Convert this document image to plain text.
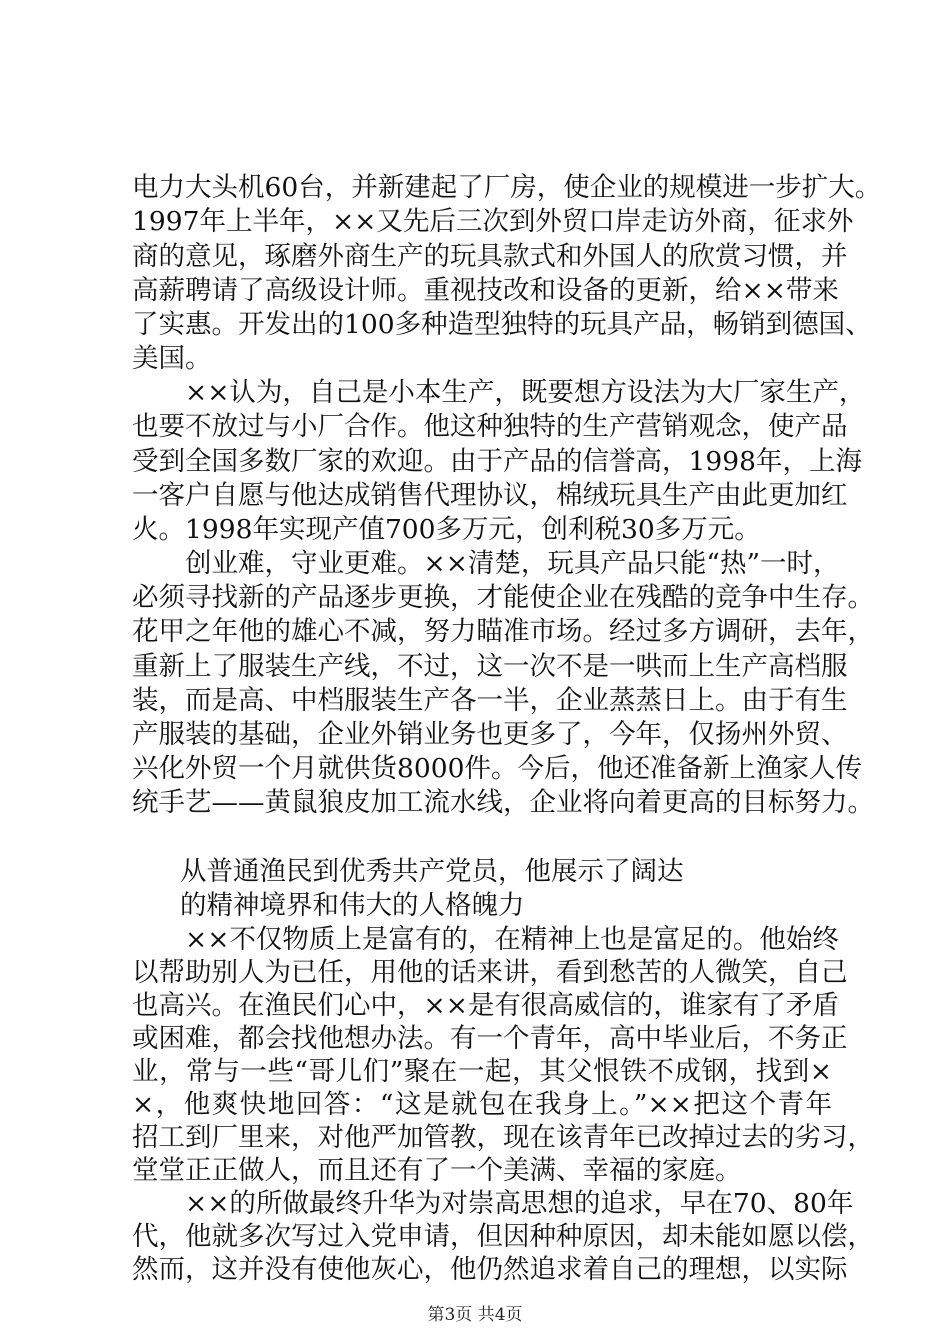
电力大头机60台，并新建起了厂房，使企业的规模进一步扩大。
1997年上半年，××又先后三次到外贸口岸走访外商，征求外
商的意见，琢磨外商生产的玩具款式和外国人的欣赏习惯，并
高薪聘请了高级设计师。重视技改和设备的更新，给××带来
了实惠。开发出的100多种造型独特的玩具产品，畅销到德国、
美国。
　　××认为，自己是小本生产，既要想方设法为大厂家生产，
也要不放过与小厂合作。他这种独特的生产营销观念，使产品
受到全国多数厂家的欢迎。由于产品的信誉高，1998年，上海
一客户自愿与他达成销售代理协议，棉绒玩具生产由此更加红
火。1998年实现产值700多万元，创利税30多万元。
　　创业难，守业更难。××清楚，玩具产品只能“热”一时，
必须寻找新的产品逐步更换，才能使企业在残酷的竞争中生存。
花甲之年他的雄心不减，努力瞄准市场。经过多方调研，去年，
重新上了服装生产线，不过，这一次不是一哄而上生产高档服
装，而是高、中档服装生产各一半，企业蒸蒸日上。由于有生
产服装的基础，企业外销业务也更多了，今年，仅扬州外贸、
兴化外贸一个月就供货8000件。今后，他还准备新上渔家人传
统手艺——黄鼠狼皮加工流水线，企业将向着更高的目标努力。
从普通渔民到优秀共产党员，他展示了阔达
的精神境界和伟大的人格魄力
　　××不仅物质上是富有的，在精神上也是富足的。他始终
以帮助别人为已任，用他的话来讲，看到愁苦的人微笑，自己
也高兴。在渔民们心中，××是有很高威信的，谁家有了矛盾
或困难，都会找他想办法。有一个青年，高中毕业后，不务正
业，常与一些“哥儿们”聚在一起，其父恨铁不成钢，找到×
×，他爽快地回答：“这是就包在我身上。”××把这个青年
招工到厂里来，对他严加管教，现在该青年已改掉过去的劣习，
堂堂正正做人，而且还有了一个美满、幸福的家庭。
　　××的所做最终升华为对崇高思想的追求，早在70、80年
代，他就多次写过入党申请，但因种种原因，却未能如愿以偿，
然而，这并没有使他灰心，他仍然追求着自己的理想，以实际
第3页 共4页
